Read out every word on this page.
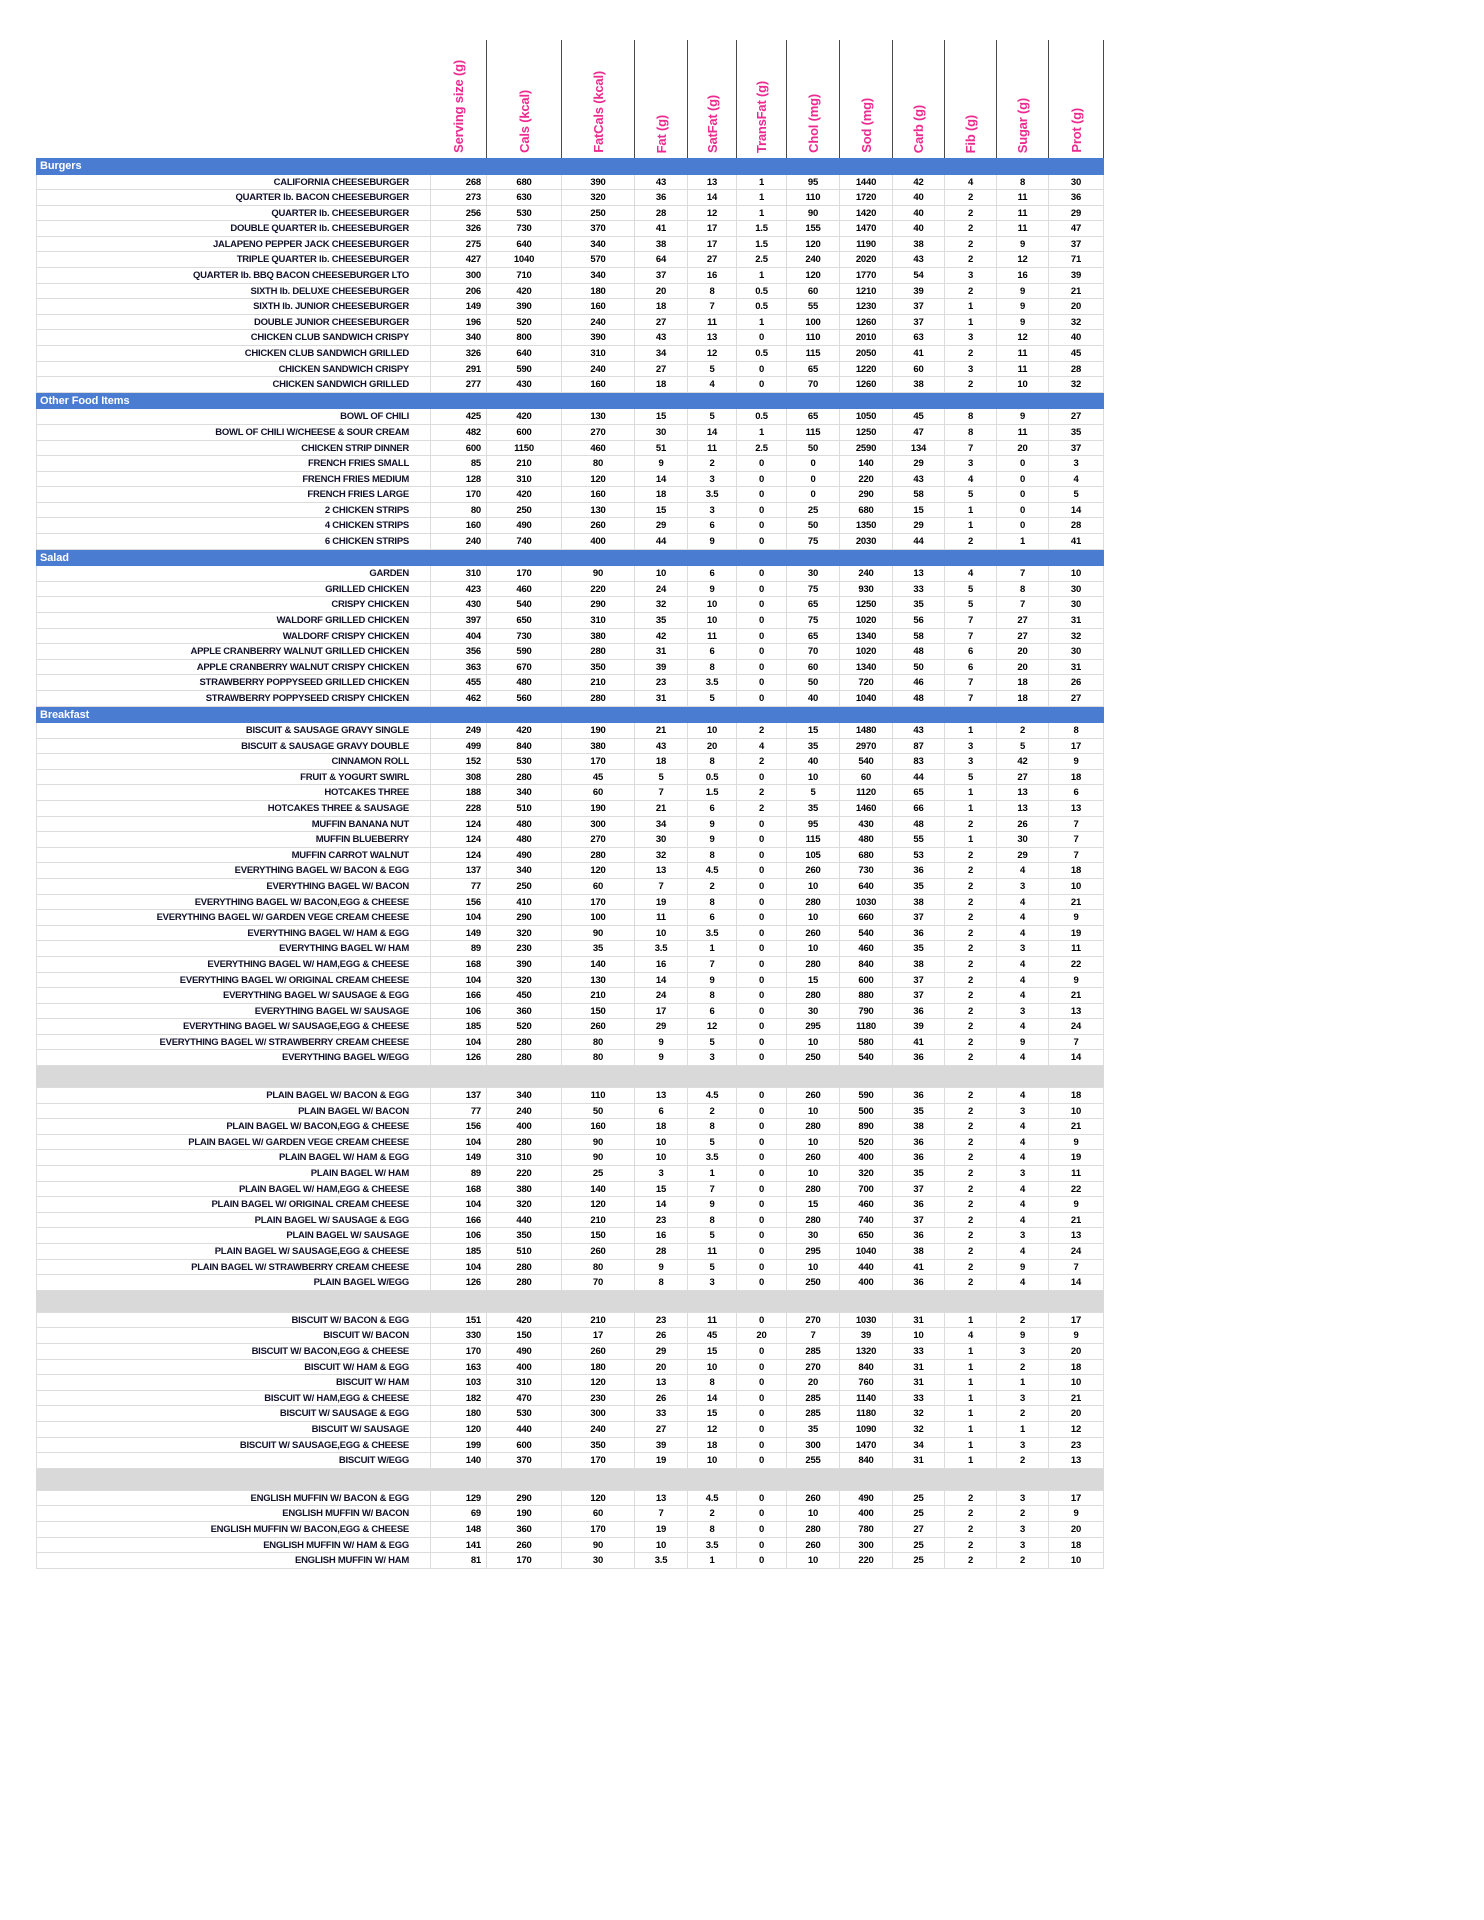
Serving size (g)	Cals (kcal)	FatCals (kcal)	Fat (g)	SatFat (g)	TransFat (g)	Chol (mg)	Sod (mg)	Carb (g)	Fib (g)	Sugar (g)	Prot (g)
Burgers
CALIFORNIA CHEESEBURGER	268	680	390	43	13	1	95	1440	42	4	8	30
QUARTER lb. BACON CHEESEBURGER	273	630	320	36	14	1	110	1720	40	2	11	36
QUARTER lb. CHEESEBURGER	256	530	250	28	12	1	90	1420	40	2	11	29
DOUBLE QUARTER lb. CHEESEBURGER	326	730	370	41	17	1.5	155	1470	40	2	11	47
JALAPENO PEPPER JACK CHEESEBURGER	275	640	340	38	17	1.5	120	1190	38	2	9	37
TRIPLE QUARTER lb. CHEESEBURGER	427	1040	570	64	27	2.5	240	2020	43	2	12	71
QUARTER lb. BBQ BACON CHEESEBURGER LTO	300	710	340	37	16	1	120	1770	54	3	16	39
SIXTH lb. DELUXE CHEESEBURGER	206	420	180	20	8	0.5	60	1210	39	2	9	21
SIXTH lb. JUNIOR CHEESEBURGER	149	390	160	18	7	0.5	55	1230	37	1	9	20
DOUBLE JUNIOR CHEESEBURGER	196	520	240	27	11	1	100	1260	37	1	9	32
CHICKEN CLUB SANDWICH CRISPY	340	800	390	43	13	0	110	2010	63	3	12	40
CHICKEN CLUB SANDWICH GRILLED	326	640	310	34	12	0.5	115	2050	41	2	11	45
CHICKEN SANDWICH CRISPY	291	590	240	27	5	0	65	1220	60	3	11	28
CHICKEN SANDWICH GRILLED	277	430	160	18	4	0	70	1260	38	2	10	32
Other Food Items
BOWL OF CHILI	425	420	130	15	5	0.5	65	1050	45	8	9	27
BOWL OF CHILI W/CHEESE & SOUR CREAM	482	600	270	30	14	1	115	1250	47	8	11	35
CHICKEN STRIP DINNER	600	1150	460	51	11	2.5	50	2590	134	7	20	37
FRENCH FRIES SMALL	85	210	80	9	2	0	0	140	29	3	0	3
FRENCH FRIES MEDIUM	128	310	120	14	3	0	0	220	43	4	0	4
FRENCH FRIES LARGE	170	420	160	18	3.5	0	0	290	58	5	0	5
2 CHICKEN STRIPS	80	250	130	15	3	0	25	680	15	1	0	14
4 CHICKEN STRIPS	160	490	260	29	6	0	50	1350	29	1	0	28
6 CHICKEN STRIPS	240	740	400	44	9	0	75	2030	44	2	1	41
Salad
GARDEN	310	170	90	10	6	0	30	240	13	4	7	10
GRILLED CHICKEN	423	460	220	24	9	0	75	930	33	5	8	30
CRISPY CHICKEN	430	540	290	32	10	0	65	1250	35	5	7	30
WALDORF GRILLED CHICKEN	397	650	310	35	10	0	75	1020	56	7	27	31
WALDORF CRISPY CHICKEN	404	730	380	42	11	0	65	1340	58	7	27	32
APPLE CRANBERRY WALNUT GRILLED CHICKEN	356	590	280	31	6	0	70	1020	48	6	20	30
APPLE CRANBERRY WALNUT CRISPY CHICKEN	363	670	350	39	8	0	60	1340	50	6	20	31
STRAWBERRY POPPYSEED GRILLED CHICKEN	455	480	210	23	3.5	0	50	720	46	7	18	26
STRAWBERRY POPPYSEED CRISPY CHICKEN	462	560	280	31	5	0	40	1040	48	7	18	27
Breakfast
BISCUIT & SAUSAGE GRAVY SINGLE	249	420	190	21	10	2	15	1480	43	1	2	8
BISCUIT & SAUSAGE GRAVY DOUBLE	499	840	380	43	20	4	35	2970	87	3	5	17
CINNAMON ROLL	152	530	170	18	8	2	40	540	83	3	42	9
FRUIT & YOGURT SWIRL	308	280	45	5	0.5	0	10	60	44	5	27	18
HOTCAKES THREE	188	340	60	7	1.5	2	5	1120	65	1	13	6
HOTCAKES THREE & SAUSAGE	228	510	190	21	6	2	35	1460	66	1	13	13
MUFFIN BANANA NUT	124	480	300	34	9	0	95	430	48	2	26	7
MUFFIN BLUEBERRY	124	480	270	30	9	0	115	480	55	1	30	7
MUFFIN CARROT WALNUT	124	490	280	32	8	0	105	680	53	2	29	7
EVERYTHING BAGEL W/ BACON & EGG	137	340	120	13	4.5	0	260	730	36	2	4	18
EVERYTHING BAGEL W/ BACON	77	250	60	7	2	0	10	640	35	2	3	10
EVERYTHING BAGEL W/ BACON,EGG & CHEESE	156	410	170	19	8	0	280	1030	38	2	4	21
EVERYTHING BAGEL W/ GARDEN VEGE CREAM CHEESE	104	290	100	11	6	0	10	660	37	2	4	9
EVERYTHING BAGEL W/ HAM & EGG	149	320	90	10	3.5	0	260	540	36	2	4	19
EVERYTHING BAGEL W/ HAM	89	230	35	3.5	1	0	10	460	35	2	3	11
EVERYTHING BAGEL W/ HAM,EGG & CHEESE	168	390	140	16	7	0	280	840	38	2	4	22
EVERYTHING BAGEL W/ ORIGINAL CREAM CHEESE	104	320	130	14	9	0	15	600	37	2	4	9
EVERYTHING BAGEL W/ SAUSAGE & EGG	166	450	210	24	8	0	280	880	37	2	4	21
EVERYTHING BAGEL W/ SAUSAGE	106	360	150	17	6	0	30	790	36	2	3	13
EVERYTHING BAGEL W/ SAUSAGE,EGG & CHEESE	185	520	260	29	12	0	295	1180	39	2	4	24
EVERYTHING BAGEL W/ STRAWBERRY CREAM CHEESE	104	280	80	9	5	0	10	580	41	2	9	7
EVERYTHING BAGEL W/EGG	126	280	80	9	3	0	250	540	36	2	4	14
PLAIN BAGEL W/ BACON & EGG	137	340	110	13	4.5	0	260	590	36	2	4	18
PLAIN BAGEL W/ BACON	77	240	50	6	2	0	10	500	35	2	3	10
PLAIN BAGEL W/ BACON,EGG & CHEESE	156	400	160	18	8	0	280	890	38	2	4	21
PLAIN BAGEL W/ GARDEN VEGE CREAM CHEESE	104	280	90	10	5	0	10	520	36	2	4	9
PLAIN BAGEL W/ HAM & EGG	149	310	90	10	3.5	0	260	400	36	2	4	19
PLAIN BAGEL W/ HAM	89	220	25	3	1	0	10	320	35	2	3	11
PLAIN BAGEL W/ HAM,EGG & CHEESE	168	380	140	15	7	0	280	700	37	2	4	22
PLAIN BAGEL W/ ORIGINAL CREAM CHEESE	104	320	120	14	9	0	15	460	36	2	4	9
PLAIN BAGEL W/ SAUSAGE & EGG	166	440	210	23	8	0	280	740	37	2	4	21
PLAIN BAGEL W/ SAUSAGE	106	350	150	16	5	0	30	650	36	2	3	13
PLAIN BAGEL W/ SAUSAGE,EGG & CHEESE	185	510	260	28	11	0	295	1040	38	2	4	24
PLAIN BAGEL W/ STRAWBERRY CREAM CHEESE	104	280	80	9	5	0	10	440	41	2	9	7
PLAIN BAGEL W/EGG	126	280	70	8	3	0	250	400	36	2	4	14
BISCUIT W/ BACON & EGG	151	420	210	23	11	0	270	1030	31	1	2	17
BISCUIT W/ BACON	330	150	17	26	45	20	7	39	10	4	9	9
BISCUIT W/ BACON,EGG & CHEESE	170	490	260	29	15	0	285	1320	33	1	3	20
BISCUIT W/ HAM & EGG	163	400	180	20	10	0	270	840	31	1	2	18
BISCUIT W/ HAM	103	310	120	13	8	0	20	760	31	1	1	10
BISCUIT W/ HAM,EGG & CHEESE	182	470	230	26	14	0	285	1140	33	1	3	21
BISCUIT W/ SAUSAGE & EGG	180	530	300	33	15	0	285	1180	32	1	2	20
BISCUIT W/ SAUSAGE	120	440	240	27	12	0	35	1090	32	1	1	12
BISCUIT W/ SAUSAGE,EGG & CHEESE	199	600	350	39	18	0	300	1470	34	1	3	23
BISCUIT W/EGG	140	370	170	19	10	0	255	840	31	1	2	13
ENGLISH MUFFIN W/ BACON & EGG	129	290	120	13	4.5	0	260	490	25	2	3	17
ENGLISH MUFFIN W/ BACON	69	190	60	7	2	0	10	400	25	2	2	9
ENGLISH MUFFIN W/ BACON,EGG & CHEESE	148	360	170	19	8	0	280	780	27	2	3	20
ENGLISH MUFFIN W/ HAM & EGG	141	260	90	10	3.5	0	260	300	25	2	3	18
ENGLISH MUFFIN W/ HAM	81	170	30	3.5	1	0	10	220	25	2	2	10
